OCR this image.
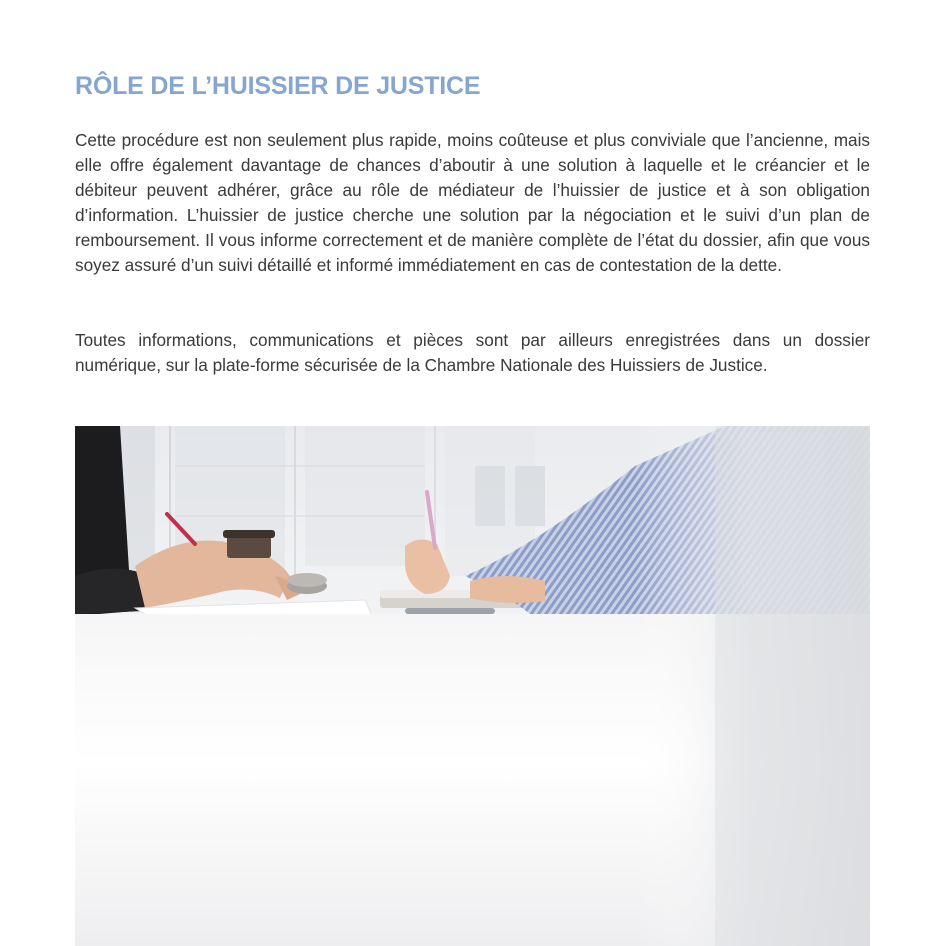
RÔLE DE L’HUISSIER DE JUSTICE

Cette procédure est non seulement plus rapide, moins coûteuse et plus conviviale que l’ancienne, mais elle offre également davantage de chances d’aboutir à une solution à laquelle et le créancier et le débiteur peuvent adhérer, grâce au rôle de médiateur de l’huissier de justice et à son obligation d’information. L’huissier de justice cherche une solution par la négociation et le suivi d’un plan de remboursement. Il vous informe correctement et de manière complète de l’état du dossier, afin que vous soyez assuré d’un suivi détaillé et informé immédiatement en cas de contestation de la dette.

Toutes informations, communications et pièces sont par ailleurs enregistrées dans un dossier numérique, sur la plate-forme sécurisée de la Chambre Nationale des Huissiers de Justice.
